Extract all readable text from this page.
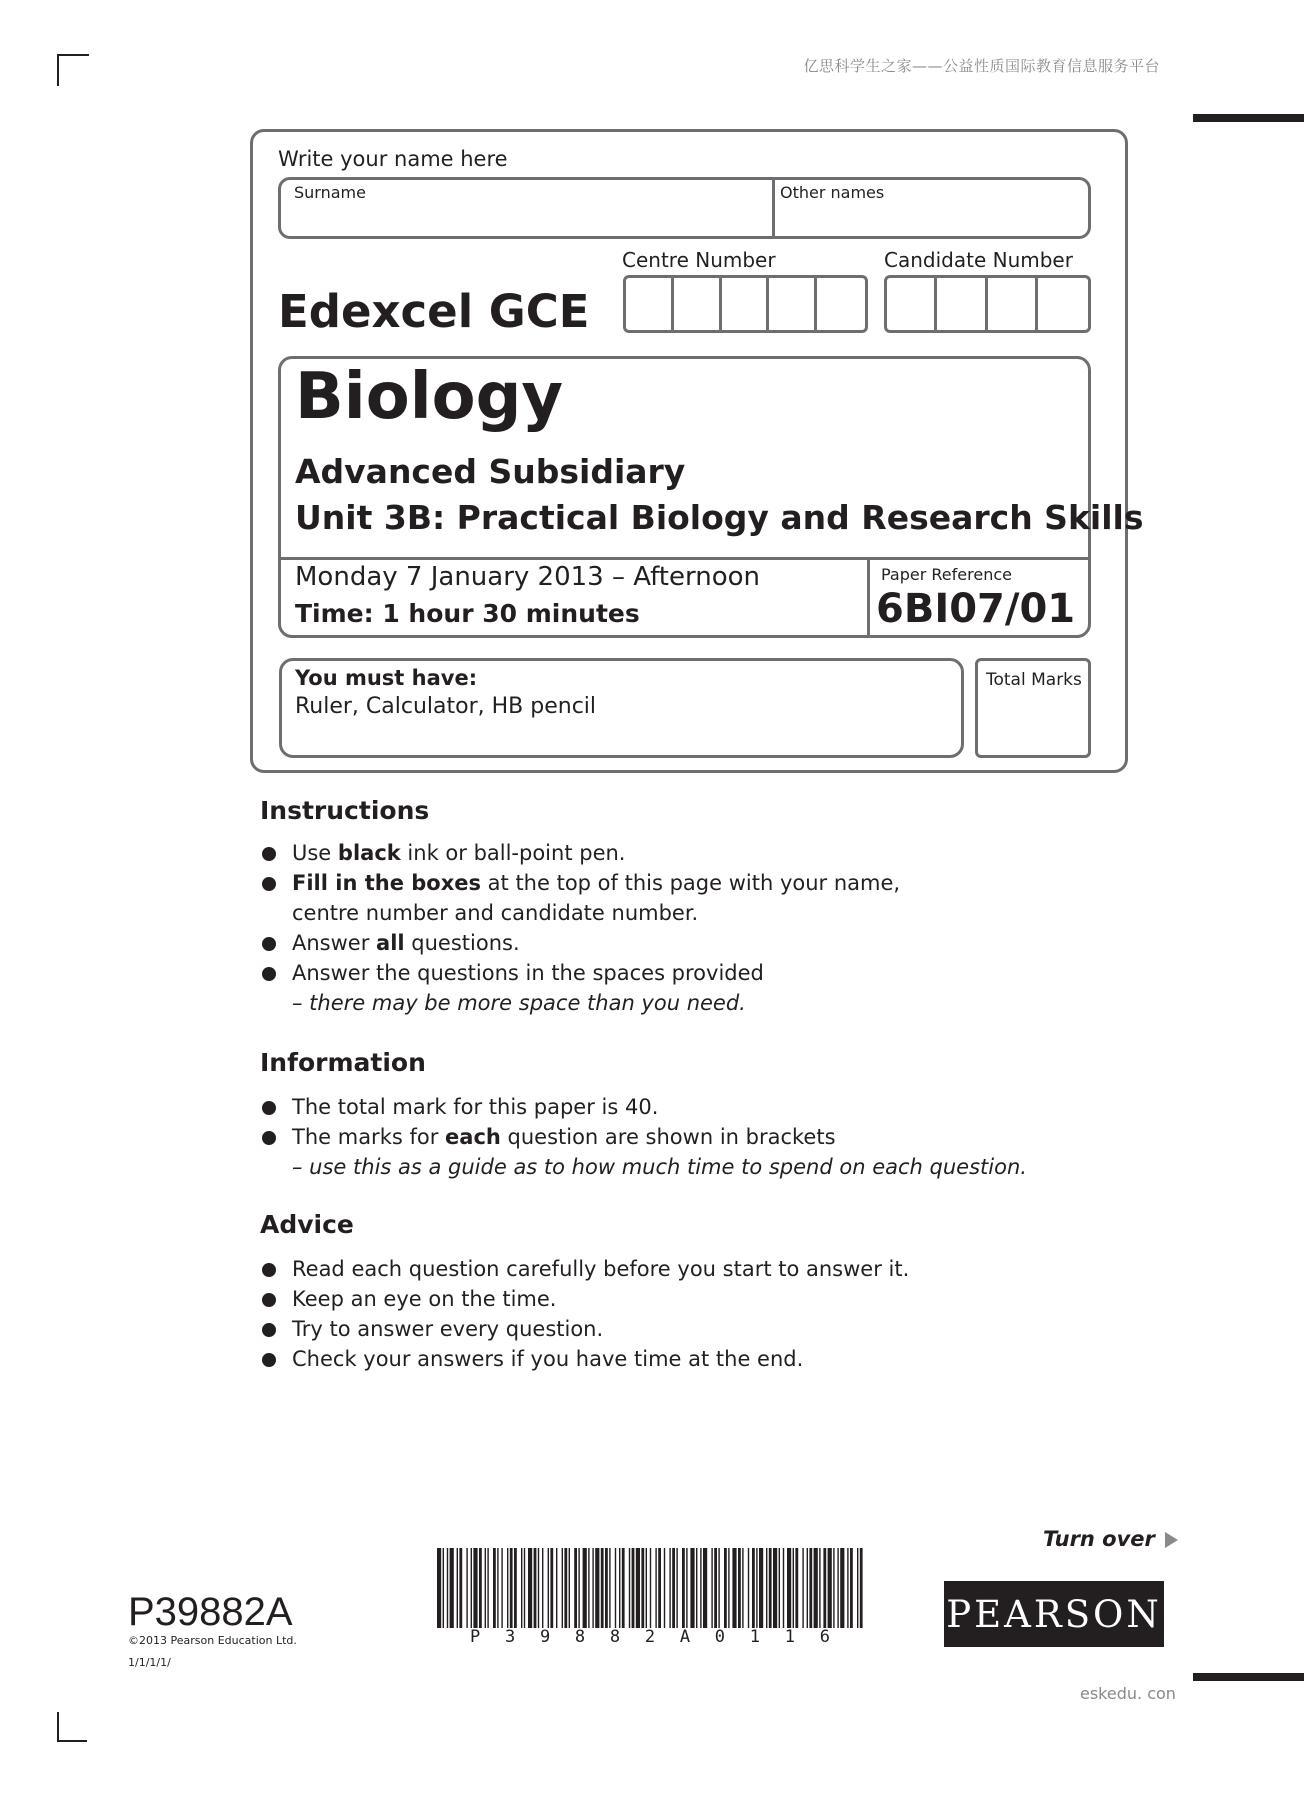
亿思科学生之家——公益性质国际教育信息服务平台
Write your name here
Surname	Other names
Centre Number	Candidate Number
Edexcel GCE
Biology
Advanced Subsidiary
Unit 3B: Practical Biology and Research Skills
Monday 7 January 2013 – Afternoon
Time: 1 hour 30 minutes
Paper Reference
6BI07/01
You must have:
Ruler, Calculator, HB pencil
Total Marks
Instructions
Use black ink or ball-point pen.
Fill in the boxes at the top of this page with your name,
centre number and candidate number.
Answer all questions.
Answer the questions in the spaces provided
– there may be more space than you need.
Information
The total mark for this paper is 40.
The marks for each question are shown in brackets
– use this as a guide as to how much time to spend on each question.
Advice
Read each question carefully before you start to answer it.
Keep an eye on the time.
Try to answer every question.
Check your answers if you have time at the end.
Turn over
PEARSON
P39882A
©2013 Pearson Education Ltd.
1/1/1/1/
P 3 9 8 8 2 A 0 1 1 6
eskedu. con
